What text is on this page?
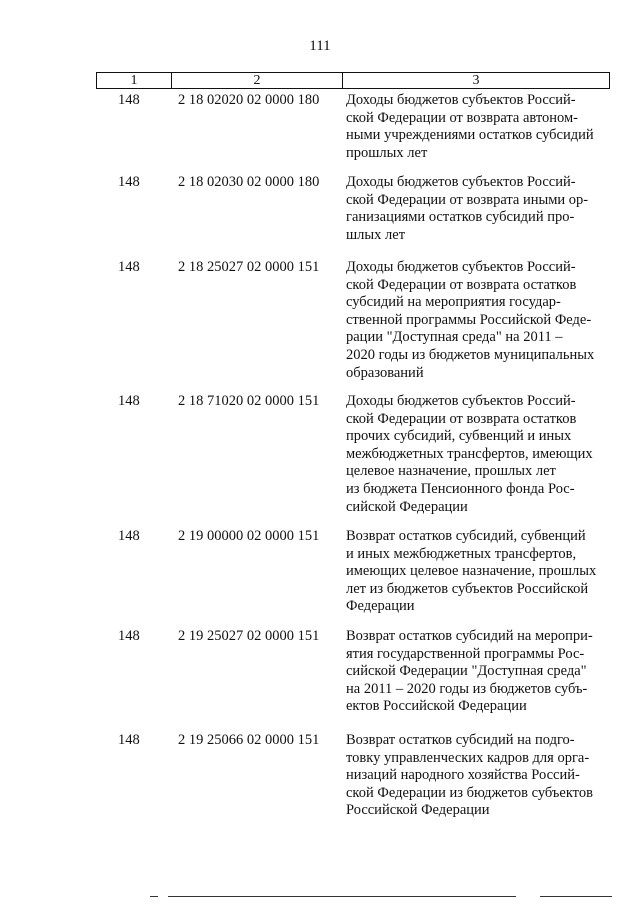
111
1	2	3
148	2 18 02020 02 0000 180	Доходы бюджетов субъектов Россий-
ской Федерации от возврата автоном-
ными учреждениями остатков субсидий
прошлых лет
148	2 18 02030 02 0000 180	Доходы бюджетов субъектов Россий-
ской Федерации от возврата иными ор-
ганизациями остатков субсидий про-
шлых лет
148	2 18 25027 02 0000 151	Доходы бюджетов субъектов Россий-
ской Федерации от возврата остатков
субсидий на мероприятия государ-
ственной программы Российской Феде-
рации "Доступная среда" на 2011 –
2020 годы из бюджетов муниципальных
образований
148	2 18 71020 02 0000 151	Доходы бюджетов субъектов Россий-
ской Федерации от возврата остатков
прочих субсидий, субвенций и иных
межбюджетных трансфертов, имеющих
целевое назначение, прошлых лет
из бюджета Пенсионного фонда Рос-
сийской Федерации
148	2 19 00000 02 0000 151	Возврат остатков субсидий, субвенций
и иных межбюджетных трансфертов,
имеющих целевое назначение, прошлых
лет из бюджетов субъектов Российской
Федерации
148	2 19 25027 02 0000 151	Возврат остатков субсидий на меропри-
ятия государственной программы Рос-
сийской Федерации "Доступная среда"
на 2011 – 2020 годы из бюджетов субъ-
ектов Российской Федерации
148	2 19 25066 02 0000 151	Возврат остатков субсидий на подго-
товку управленческих кадров для орга-
низаций народного хозяйства Россий-
ской Федерации из бюджетов субъектов
Российской Федерации
